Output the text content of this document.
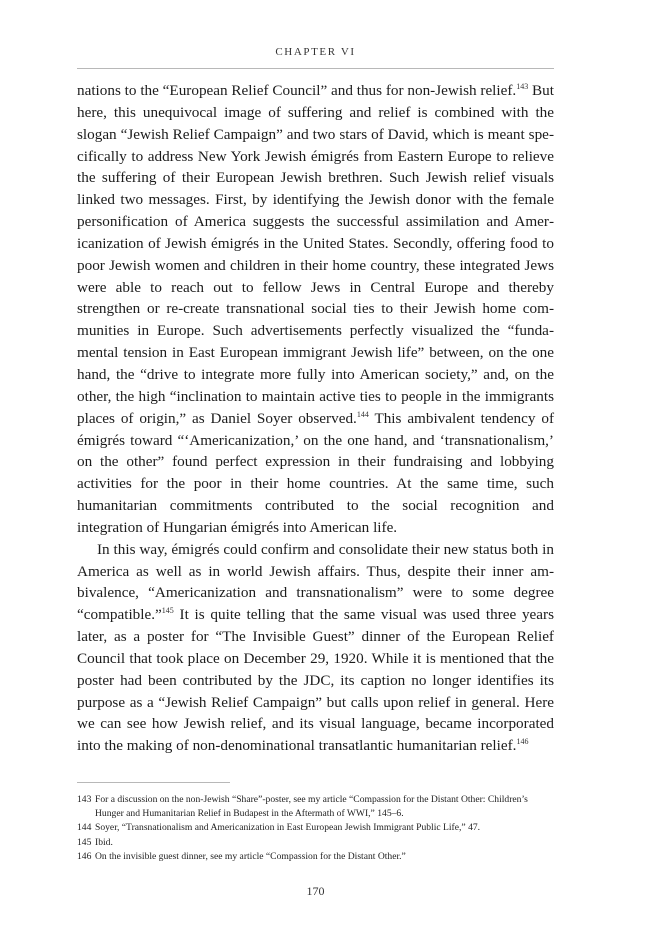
CHAPTER VI

nations to the “European Relief Council” and thus for non-Jewish relief.$^{143}$ But here, this unequivocal image of suffering and relief is combined with the slogan “Jewish Relief Campaign” and two stars of David, which is meant specifically to address New York Jewish émigrés from Eastern Europe to relieve the suffering of their European Jewish brethren. Such Jewish relief visuals linked two messages. First, by identifying the Jewish donor with the female personification of America suggests the successful assimilation and Americanization of Jewish émigrés in the United States. Secondly, offering food to poor Jewish women and children in their home country, these integrated Jews were able to reach out to fellow Jews in Central Europe and thereby strengthen or re-create transnational social ties to their Jewish home communities in Europe. Such advertisements perfectly visualized the “fundamental tension in East European immigrant Jewish life” between, on the one hand, the “drive to integrate more fully into American society,” and, on the other, the high “inclination to maintain active ties to people in the immigrants places of origin,” as Daniel Soyer observed.$^{144}$ This ambivalent tendency of émigrés toward “‘Americanization,’ on the one hand, and ‘transnationalism,’ on the other” found perfect expression in their fundraising and lobbying activities for the poor in their home countries. At the same time, such humanitarian commitments contributed to the social recognition and integration of Hungarian émigrés into American life.

In this way, émigrés could confirm and consolidate their new status both in America as well as in world Jewish affairs. Thus, despite their inner ambivalence, “Americanization and transnationalism” were to some degree “compatible.”$^{145}$ It is quite telling that the same visual was used three years later, as a poster for “The Invisible Guest” dinner of the European Relief Council that took place on December 29, 1920. While it is mentioned that the poster had been contributed by the JDC, its caption no longer identifies its purpose as a “Jewish Relief Campaign” but calls upon relief in general. Here we can see how Jewish relief, and its visual language, became incorporated into the making of non-denominational transatlantic humanitarian relief.$^{146}$

143 For a discussion on the non-Jewish “Share”-poster, see my article “Compassion for the Distant Other: Children’s Hunger and Humanitarian Relief in Budapest in the Aftermath of WWI,” 145–6.
144 Soyer, “Transnationalism and Americanization in East European Jewish Immigrant Public Life,” 47.
145 Ibid.
146 On the invisible guest dinner, see my article “Compassion for the Distant Other.”
170
